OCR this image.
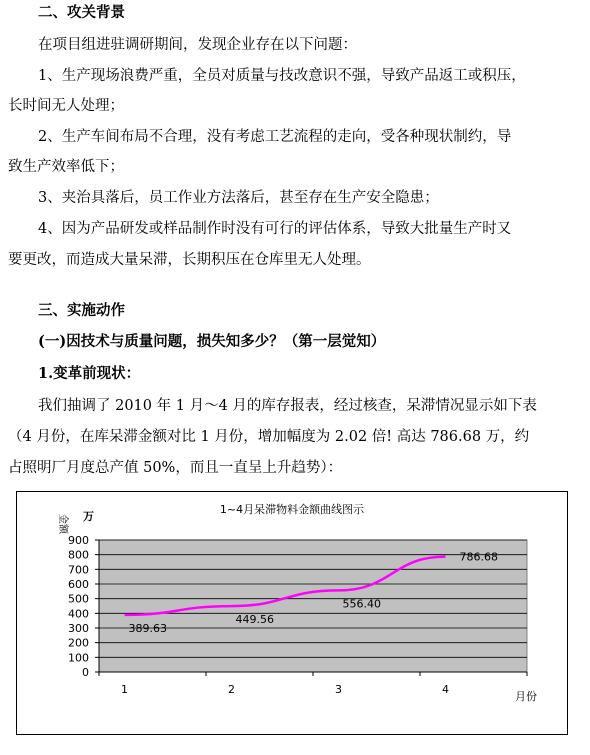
二、攻关背景
在项目组进驻调研期间，发现企业存在以下问题：
1、生产现场浪费严重，全员对质量与技改意识不强，导致产品返工或积压，
长时间无人处理；
2、生产车间布局不合理，没有考虑工艺流程的走向，受各种现状制约，导
致生产效率低下；
3、夹治具落后，员工作业方法落后，甚至存在生产安全隐患；
4、因为产品研发或样品制作时没有可行的评估体系，导致大批量生产时又
要更改，而造成大量呆滞，长期积压在仓库里无人处理。
三、实施动作
(一)因技术与质量问题，损失知多少？（第一层觉知）
1.变革前现状：
我们抽调了 2010 年 1 月～4 月的库存报表，经过核查，呆滞情况显示如下表
（4 月份，在库呆滞金额对比 1 月份，增加幅度为 2.02 倍! 高达 786.68 万，约
占照明厂月度总产值 50%，而且一直呈上升趋势）：
1~4月呆滞物料金额曲线图示
金额 万
月份
0
100
200
300
400
500
600
700
800
900
1	2	3	4
389.63
449.56
556.40
786.68
